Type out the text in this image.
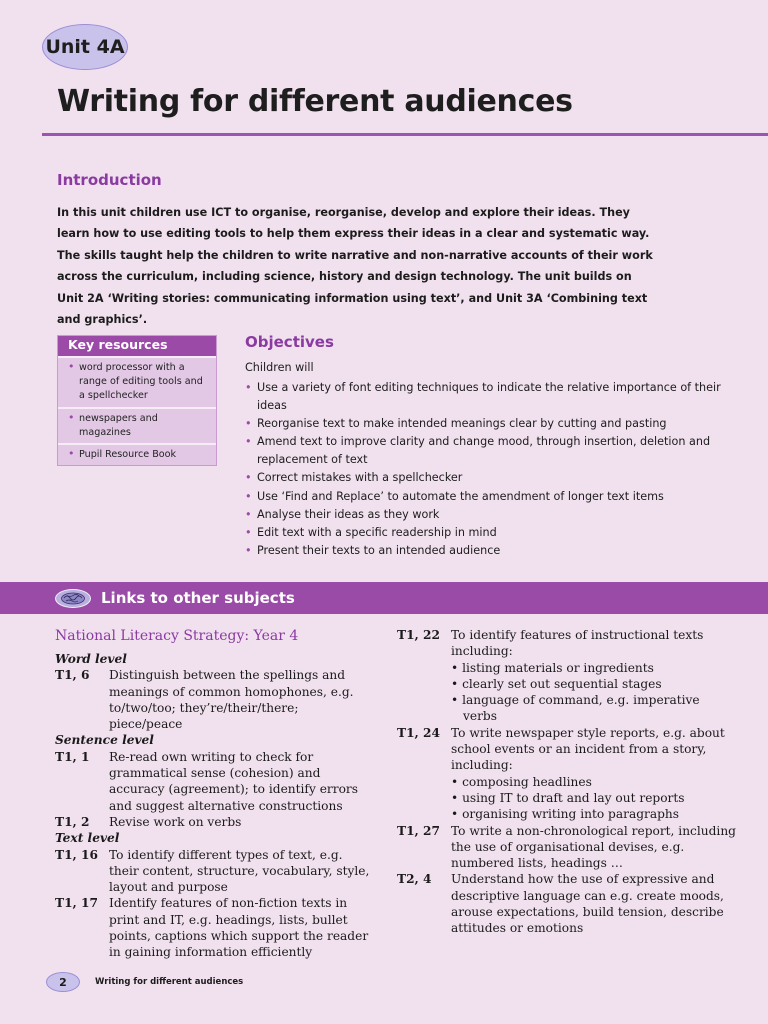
Unit 4A
Writing for different audiences
Introduction

In this unit children use ICT to organise, reorganise, develop and explore their ideas. They learn how to use editing tools to help them express their ideas in a clear and systematic way. The skills taught help the children to write narrative and non-narrative accounts of their work across the curriculum, including science, history and design technology. The unit builds on Unit 2A ‘Writing stories: communicating information using text’, and Unit 3A ‘Combining text and graphics’.

Key resources
• word processor with a range of editing tools and a spellchecker
• newspapers and magazines
• Pupil Resource Book
Objectives

Children will

• Use a variety of font editing techniques to indicate the relative importance of their ideas
• Reorganise text to make intended meanings clear by cutting and pasting
• Amend text to improve clarity and change mood, through insertion, deletion and replacement of text
• Correct mistakes with a spellchecker
• Use ‘Find and Replace’ to automate the amendment of longer text items
• Analyse their ideas as they work
• Edit text with a specific readership in mind
• Present their texts to an intended audience
Links to other subjects
National Literacy Strategy: Year 4
Word level
T1, 6	Distinguish between the spellings and meanings of common homophones, e.g. to/two/too; they’re/their/there; piece/peace
Sentence level
T1, 1	Re-read own writing to check for grammatical sense (cohesion) and accuracy (agreement); to identify errors and suggest alternative constructions
T1, 2	Revise work on verbs
Text level
T1, 16 To identify different types of text, e.g. their content, structure, vocabulary, style, layout and purpose
T1, 17 Identify features of non-fiction texts in print and IT, e.g. headings, lists, bullet points, captions which support the reader in gaining information efficiently
T1, 22 To identify features of instructional texts including:
• listing materials or ingredients
• clearly set out sequential stages
• language of command, e.g. imperative verbs
T1, 24 To write newspaper style reports, e.g. about school events or an incident from a story, including:
• composing headlines
• using IT to draft and lay out reports
• organising writing into paragraphs
T1, 27 To write a non-chronological report, including the use of organisational devises, e.g. numbered lists, headings …
T2, 4	Understand how the use of expressive and descriptive language can e.g. create moods, arouse expectations, build tension, describe attitudes or emotions
2	Writing for different audiences
